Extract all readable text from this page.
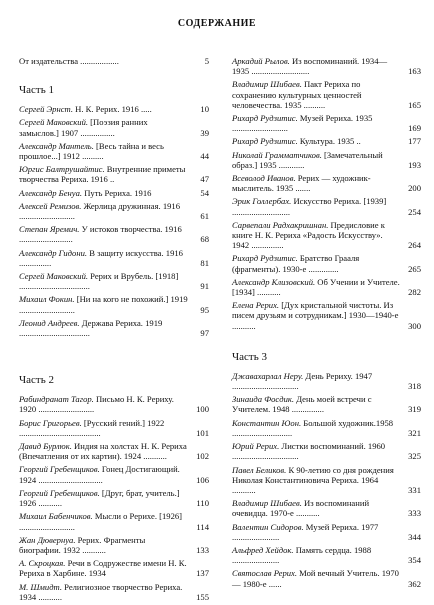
СОДЕРЖАНИЕ
От издательства ..................	5
Часть 1
Сергей Эрнст. Н. К. Рерих. 1916 .....	10
Сергей Маковский. [Поэзия ранних замыслов.] 1907 ................	39
Александр Мантель. [Весь тайна и весь прошлое...] 1912 ..........	44
Юргис Балтрушайтис. Внутренние приметы творчества Рериха. 1916 ..	47
Александр Бенуа. Путь Рериха. 1916	54
Алексей Ремизов. Жерлица дружинная. 1916 ..........................	61
Степан Яремич. У истоков творчества. 1916 .........................	68
Александр Гидони. В защиту искусства. 1916 ...............	81
Сергей Маковский. Рерих и Врубель. [1918] .................................	91
Михаил Фокин. [Ни на кого не похожий.] 1919 ..........................	95
Леонид Андреев. Держава Рериха. 1919 .................................	97
Часть 2
Рабиндранат Тагор. Письмо Н. К. Рериху. 1920 ..........................	100
Борис Григорьев. [Русский гений.] 1922 ......................................	101
Давид Бурлюк. Индия на холстах Н. К. Рериха (Впечатления от их картин). 1924 ...........	102
Георгий Гребенщиков. Гонец Достигающий. 1924 ..............................	106
Георгий Гребенщиков. [Друг, брат, учитель.] 1926 ...........	110
Михаил Бабенчиков. Мысли о Рерихе. [1926] ..........................	114
Жан Дювернуа. Рерих. Фрагменты биографии. 1932 ...........	133
А. Скроцкая. Речи в Содружестве имени Н. К. Рериха в Харбине. 1934	137
М. Шмидт. Религиозное творчество Рериха. 1934 ...........	155
Аркадий Рылов. Из воспоминаний. 1934—1935 ...........................	163
Владимир Шибаев. Пакт Рериха по сохранению культурных ценностей человечества. 1935 ..........	165
Рихард Рудзитис. Музей Рериха. 1935 ..........................	169
Рихард Рудзитис. Культура. 1935 ..	177
Николай Грамматчиков. [Замечательный образ.] 1935 ............	193
Всеволод Иванов. Рерих — художник-мыслитель. 1935 .......	200
Эрик Голлербах. Искусство Рериха. [1939] ...........................	254
Сарвепали Радхакришнан. Предисловие к книге Н. К. Рериха «Радость Искусству». 1942 ...............	264
Рихард Рудзитис. Братство Грааля (фрагменты). 1930-е ..............	265
Александр Клизовский. Об Учении и Учителе. [1934] ...........	282
Елена Рерих. [Дух кристальной чистоты. Из писем друзьям и сотрудникам.] 1930—1940-е ...........	300
Часть 3
Джавахарлал Неру. День Рериху. 1947 ...............................	318
Зинаида Фосдик. День моей встречи с Учителем. 1948 ...............	319
Константин Юон. Большой художник.1958 ............................	321
Юрий Рерих. Листки воспоминаний. 1960 ...............................	325
Павел Беликов. К 90-летию со дня рождения Николая Константиновича Рериха. 1964 ...........	331
Владимир Шибаев. Из воспоминаний очевидца. 1970-е ...........	333
Валентин Сидоров. Музей Рериха. 1977 ......................	344
Альфред Хейдок. Память сердца. 1988 ......................	354
Святослав Рерих. Мой вечный Учитель. 1970 — 1980-е ......	362
